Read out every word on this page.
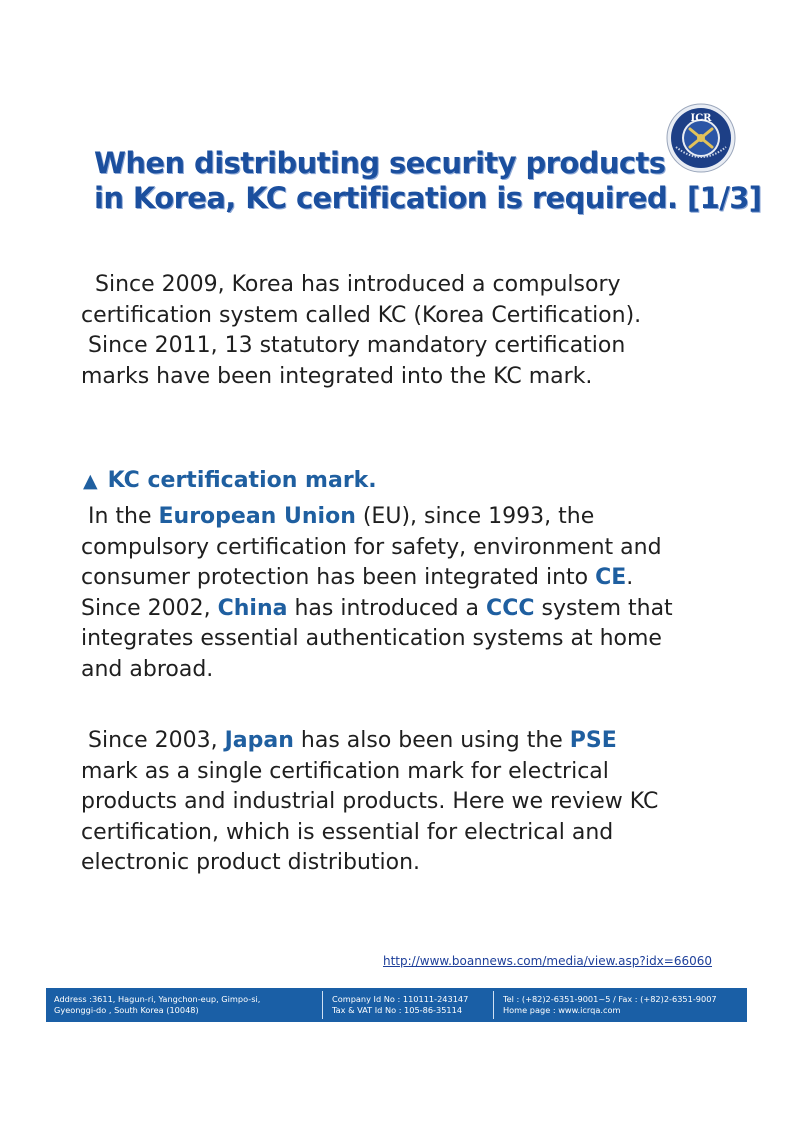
ICR
When distributing security products
in Korea, KC certification is required. [1/3]
Since 2009, Korea has introduced a compulsory
certification system called KC (Korea Certification).
Since 2011, 13 statutory mandatory certification
marks have been integrated into the KC mark.
▲ KC certification mark.
In the European Union (EU), since 1993, the
compulsory certification for safety, environment and
consumer protection has been integrated into CE.
Since 2002, China has introduced a CCC system that
integrates essential authentication systems at home
and abroad.
Since 2003, Japan has also been using the PSE
mark as a single certification mark for electrical
products and industrial products. Here we review KC
certification, which is essential for electrical and
electronic product distribution.
http://www.boannews.com/media/view.asp?idx=66060
Address :3611, Hagun-ri, Yangchon-eup, Gimpo-si,
Gyeonggi-do , South Korea (10048)
Company Id No : 110111-243147
Tax & VAT Id No : 105-86-35114
Tel : (+82)2-6351-9001~5 / Fax : (+82)2-6351-9007
Home page : www.icrqa.com
